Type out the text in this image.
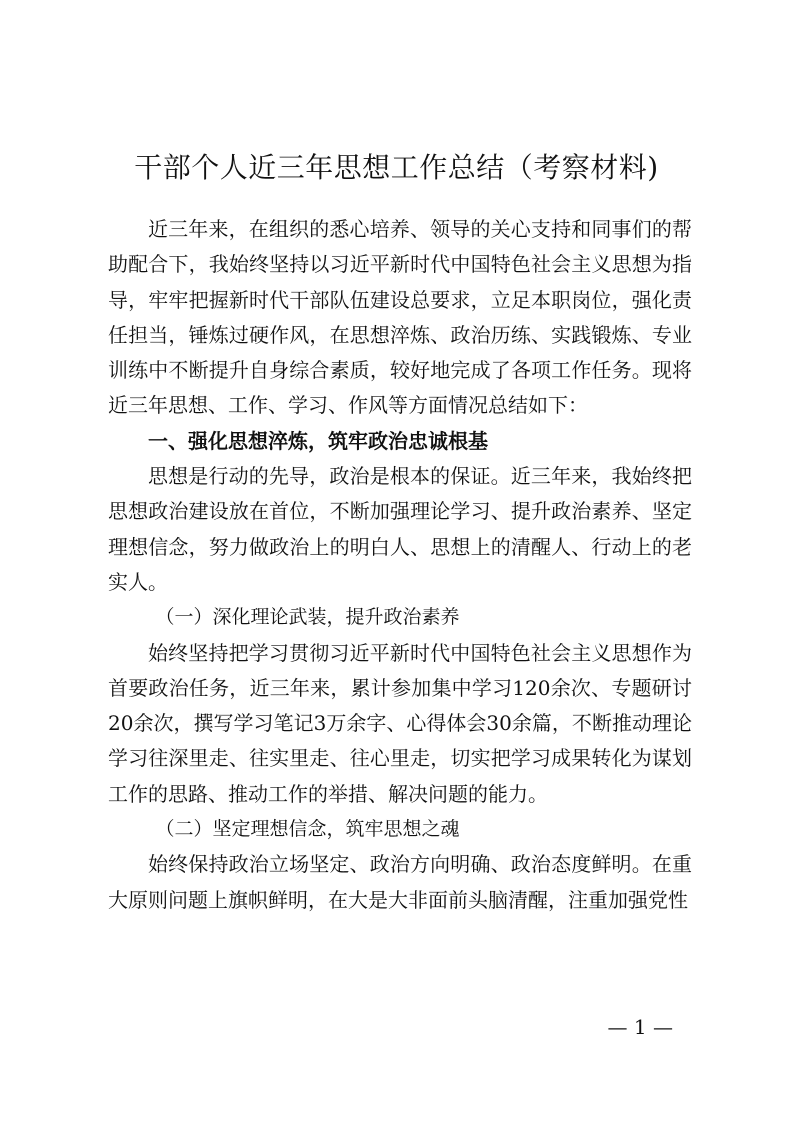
干部个人近三年思想工作总结（考察材料)

近三年来，在组织的悉心培养、领导的关心支持和同事们的帮助配合下，我始终坚持以习近平新时代中国特色社会主义思想为指导，牢牢把握新时代干部队伍建设总要求，立足本职岗位，强化责任担当，锤炼过硬作风，在思想淬炼、政治历练、实践锻炼、专业训练中不断提升自身综合素质，较好地完成了各项工作任务。现将近三年思想、工作、学习、作风等方面情况总结如下：

一、强化思想淬炼，筑牢政治忠诚根基

思想是行动的先导，政治是根本的保证。近三年来，我始终把思想政治建设放在首位，不断加强理论学习、提升政治素养、坚定理想信念，努力做政治上的明白人、思想上的清醒人、行动上的老实人。

（一）深化理论武装，提升政治素养

始终坚持把学习贯彻习近平新时代中国特色社会主义思想作为首要政治任务，近三年来，累计参加集中学习120余次、专题研讨20余次，撰写学习笔记3万余字、心得体会30余篇，不断推动理论学习往深里走、往实里走、往心里走，切实把学习成果转化为谋划工作的思路、推动工作的举措、解决问题的能力。

（二）坚定理想信念，筑牢思想之魂

始终保持政治立场坚定、政治方向明确、政治态度鲜明。在重大原则问题上旗帜鲜明，在大是大非面前头脑清醒，注重加强党性

— 1 —
